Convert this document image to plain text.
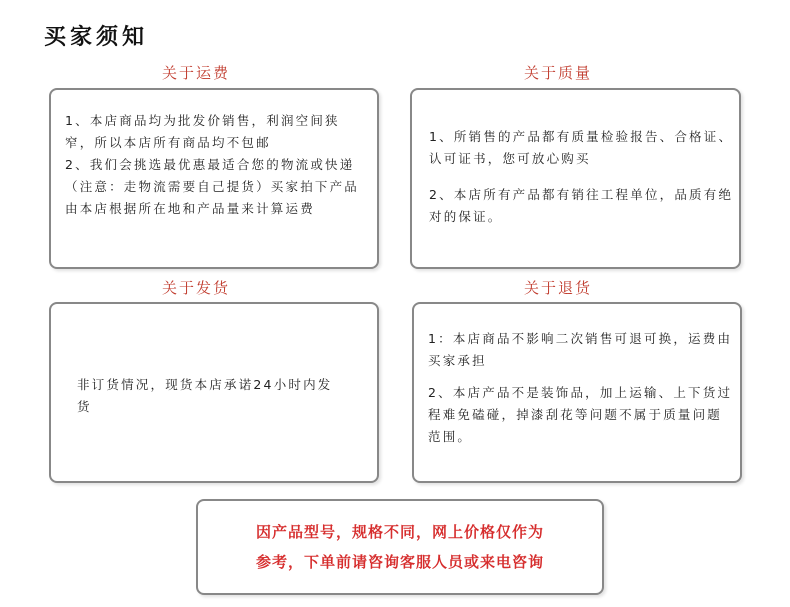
买家须知
关于运费

1、本店商品均为批发价销售，利润空间狭窄，所以本店所有商品均不包邮

2、我们会挑选最优惠最适合您的物流或快递（注意：走物流需要自己提货）买家拍下产品由本店根据所在地和产品量来计算运费

关于质量

1、所销售的产品都有质量检验报告、合格证、认可证书，您可放心购买

2、本店所有产品都有销往工程单位，品质有绝对的保证。

关于发货

非订货情况，现货本店承诺24小时内发货

关于退货

1：本店商品不影响二次销售可退可换，运费由买家承担

2、本店产品不是装饰品，加上运输、上下货过程难免磕碰，掉漆刮花等问题不属于质量问题范围。

因产品型号，规格不同，网上价格仅作为

参考，下单前请咨询客服人员或来电咨询
